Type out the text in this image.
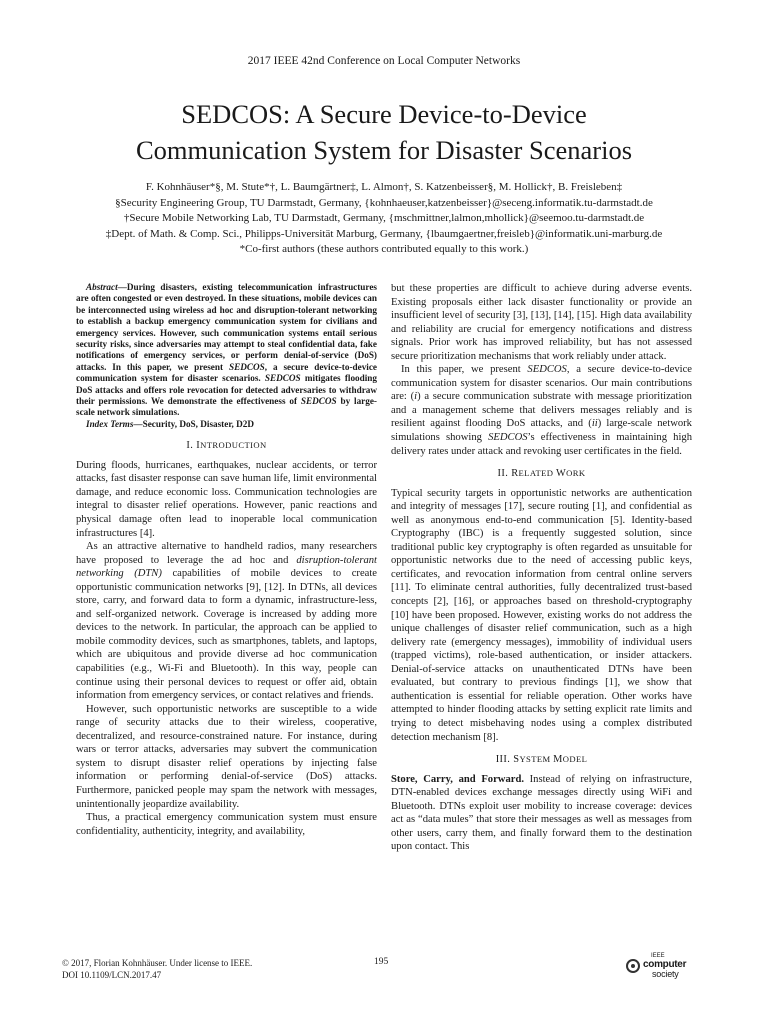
2017 IEEE 42nd Conference on Local Computer Networks
SEDCOS: A Secure Device-to-Device
Communication System for Disaster Scenarios
F. Kohnhäuser*§, M. Stute*†, L. Baumgärtner‡, L. Almon†, S. Katzenbeisser§, M. Hollick†, B. Freisleben‡
§Security Engineering Group, TU Darmstadt, Germany, {kohnhaeuser,katzenbeisser}@seceng.informatik.tu-darmstadt.de
†Secure Mobile Networking Lab, TU Darmstadt, Germany, {mschmittner,lalmon,mhollick}@seemoo.tu-darmstadt.de
‡Dept. of Math. & Comp. Sci., Philipps-Universität Marburg, Germany, {lbaumgaertner,freisleb}@informatik.uni-marburg.de
*Co-first authors (these authors contributed equally to this work.)

Abstract—During disasters, existing telecommunication infrastructures are often congested or even destroyed. In these situations, mobile devices can be interconnected using wireless ad hoc and disruption-tolerant networking to establish a backup emergency communication system for civilians and emergency services. However, such communication systems entail serious security risks, since adversaries may attempt to steal confidential data, fake notifications of emergency services, or perform denial-of-service (DoS) attacks. In this paper, we present SEDCOS, a secure device-to-device communication system for disaster scenarios. SEDCOS mitigates flooding DoS attacks and offers role revocation for detected adversaries to withdraw their permissions. We demonstrate the effectiveness of SEDCOS by large-scale network simulations.

Index Terms—Security, DoS, Disaster, D2D

I. INTRODUCTION

During floods, hurricanes, earthquakes, nuclear accidents, or terror attacks, fast disaster response can save human life, limit environmental damage, and reduce economic loss. Communication technologies are integral to disaster relief operations. However, panic reactions and physical damage often lead to inoperable local communication infrastructures [4].

As an attractive alternative to handheld radios, many researchers have proposed to leverage the ad hoc and disruption-tolerant networking (DTN) capabilities of mobile devices to create opportunistic communication networks [9], [12]. In DTNs, all devices store, carry, and forward data to form a dynamic, infrastructure-less, and self-organized network. Coverage is increased by adding more devices to the network. In particular, the approach can be applied to mobile commodity devices, such as smartphones, tablets, and laptops, which are ubiquitous and provide diverse ad hoc communication capabilities (e.g., Wi-Fi and Bluetooth). In this way, people can continue using their personal devices to request or offer aid, obtain information from emergency services, or contact relatives and friends.

However, such opportunistic networks are susceptible to a wide range of security attacks due to their wireless, cooperative, decentralized, and resource-constrained nature. For instance, during wars or terror attacks, adversaries may subvert the communication system to disrupt disaster relief operations by injecting false information or performing denial-of-service (DoS) attacks. Furthermore, panicked people may spam the network with messages, unintentionally jeopardize availability.

Thus, a practical emergency communication system must ensure confidentiality, authenticity, integrity, and availability,

but these properties are difficult to achieve during adverse events. Existing proposals either lack disaster functionality or provide an insufficient level of security [3], [13], [14], [15]. High data availability and reliability are crucial for emergency notifications and distress signals. Prior work has improved reliability, but has not assessed secure prioritization mechanisms that work reliably under attack.

In this paper, we present SEDCOS, a secure device-to-device communication system for disaster scenarios. Our main contributions are: (i) a secure communication substrate with message prioritization and a management scheme that delivers messages reliably and is resilient against flooding DoS attacks, and (ii) large-scale network simulations showing SEDCOS’s effectiveness in maintaining high delivery rates under attack and revoking user certificates in the field.

II. RELATED WORK

Typical security targets in opportunistic networks are authentication and integrity of messages [17], secure routing [1], and confidential as well as anonymous end-to-end communication [5]. Identity-based Cryptography (IBC) is a frequently suggested solution, since traditional public key cryptography is often regarded as unsuitable for opportunistic networks due to the need of accessing public keys, certificates, and revocation information from central online servers [11]. To eliminate central authorities, fully decentralized trust-based concepts [2], [16], or approaches based on threshold-cryptography [10] have been proposed. However, existing works do not address the unique challenges of disaster relief communication, such as a high delivery rate (emergency messages), immobility of individual users (trapped victims), role-based authentication, or insider attackers. Denial-of-service attacks on unauthenticated DTNs have been evaluated, but contrary to previous findings [1], we show that authentication is essential for reliable operation. Other works have attempted to hinder flooding attacks by setting explicit rate limits and trying to detect misbehaving nodes using a complex distributed detection mechanism [8].

III. SYSTEM MODEL

Store, Carry, and Forward. Instead of relying on infrastructure, DTN-enabled devices exchange messages directly using WiFi and Bluetooth. DTNs exploit user mobility to increase coverage: devices act as “data mules” that store their messages as well as messages from other users, carry them, and finally forward them to the destination upon contact. This

© 2017, Florian Kohnhäuser. Under license to IEEE.
DOI 10.1109/LCN.2017.47
195
IEEE
computer
society
